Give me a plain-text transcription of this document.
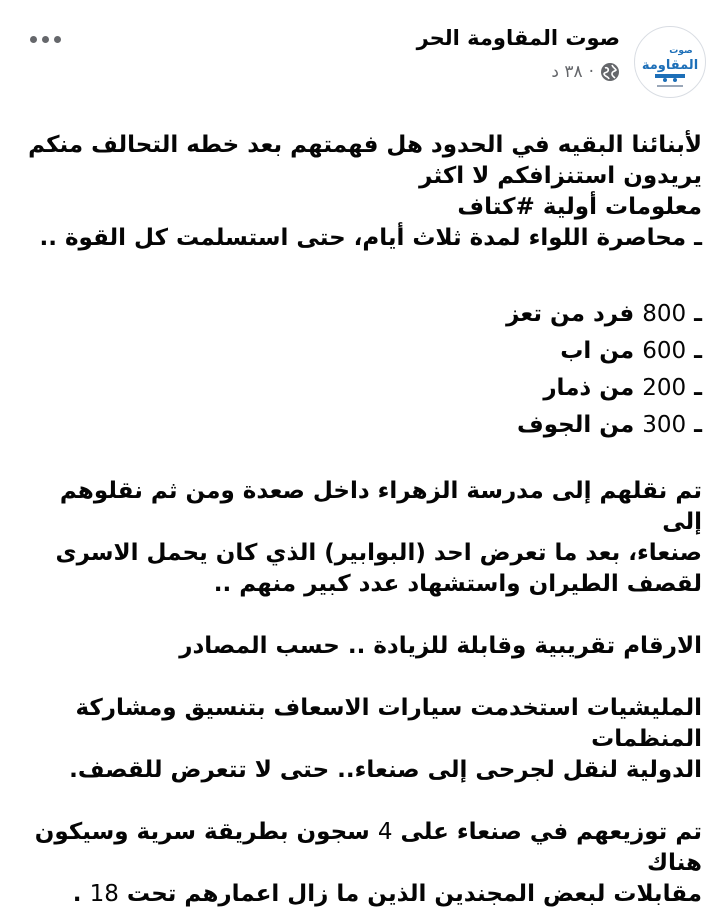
صوت
المقاومة
صوت المقاومة الحر
٣٨ د ·

لأبنائنا البقيه في الحدود هل فهمتهم بعد خطه التحالف منكم

يريدون استنزافكم لا اكثر

معلومات أولية #كتاف

ـ محاصرة اللواء لمدة ثلاث أيام، حتى استسلمت كل القوة ..

ـ 800 فرد من تعز

ـ 600 من اب

ـ 200 من ذمار

ـ 300 من الجوف

تم نقلهم إلى مدرسة الزهراء داخل صعدة ومن ثم نقلوهم إلى

صنعاء، بعد ما تعرض احد (البوابير) الذي كان يحمل الاسرى

لقصف الطيران واستشهاد عدد كبير منهم ..

الارقام تقريبية وقابلة للزيادة .. حسب المصادر

المليشيات استخدمت سيارات الاسعاف بتنسيق ومشاركة المنظمات

الدولية لنقل لجرحى إلى صنعاء.. حتى لا تتعرض للقصف.

تم توزيعهم في صنعاء على 4 سجون بطريقة سرية وسيكون هناك

مقابلات لبعض المجندين الذين ما زال اعمارهم تحت 18 .
